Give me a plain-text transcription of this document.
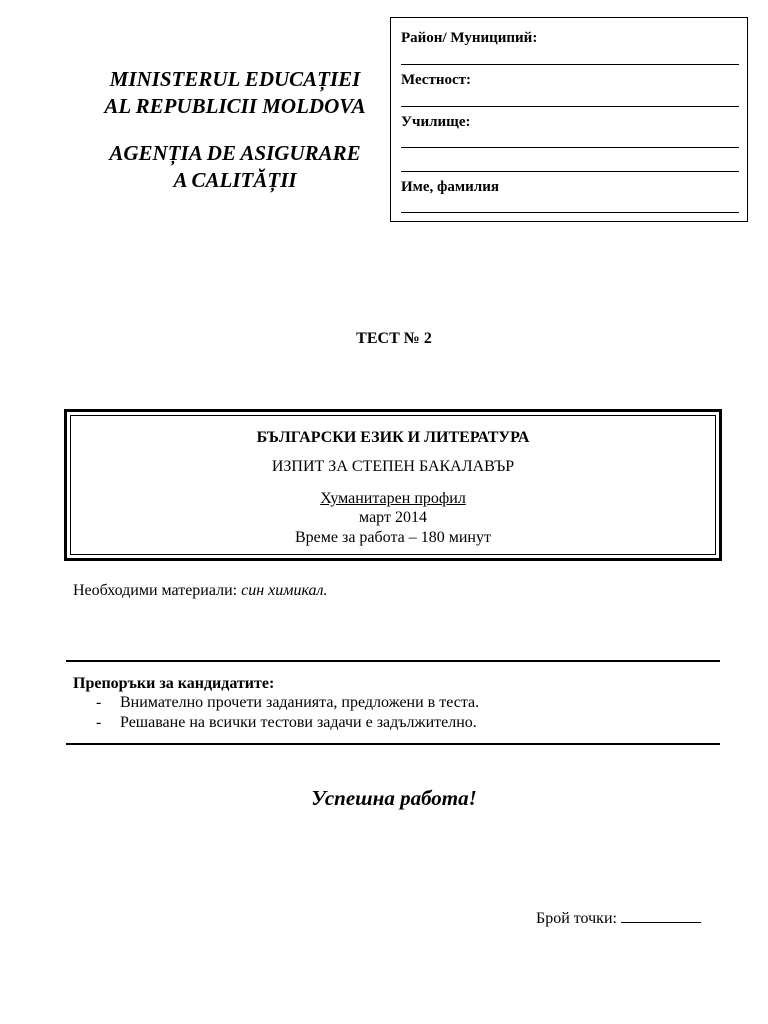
MINISTERUL EDUCAȚIEI
AL REPUBLICII MOLDOVA
AGENȚIA DE ASIGURARE
A CALITĂȚII
Район/ Муниципий:
Местност:
Училище:
Име, фамилия
ТЕСТ № 2
БЪЛГАРСКИ ЕЗИК И ЛИТЕРАТУРА
ИЗПИТ ЗА СТЕПЕН БАКАЛАВЪР
Хуманитарен профил
март 2014
Време за работа – 180 минут
Необходими материали: син химикал.
Препоръки за кандидатите:
- Внимателно прочети заданията, предложени в теста.
- Решаване на всички тестови задачи е задължително.
Успешна работа!
Брой точки:
